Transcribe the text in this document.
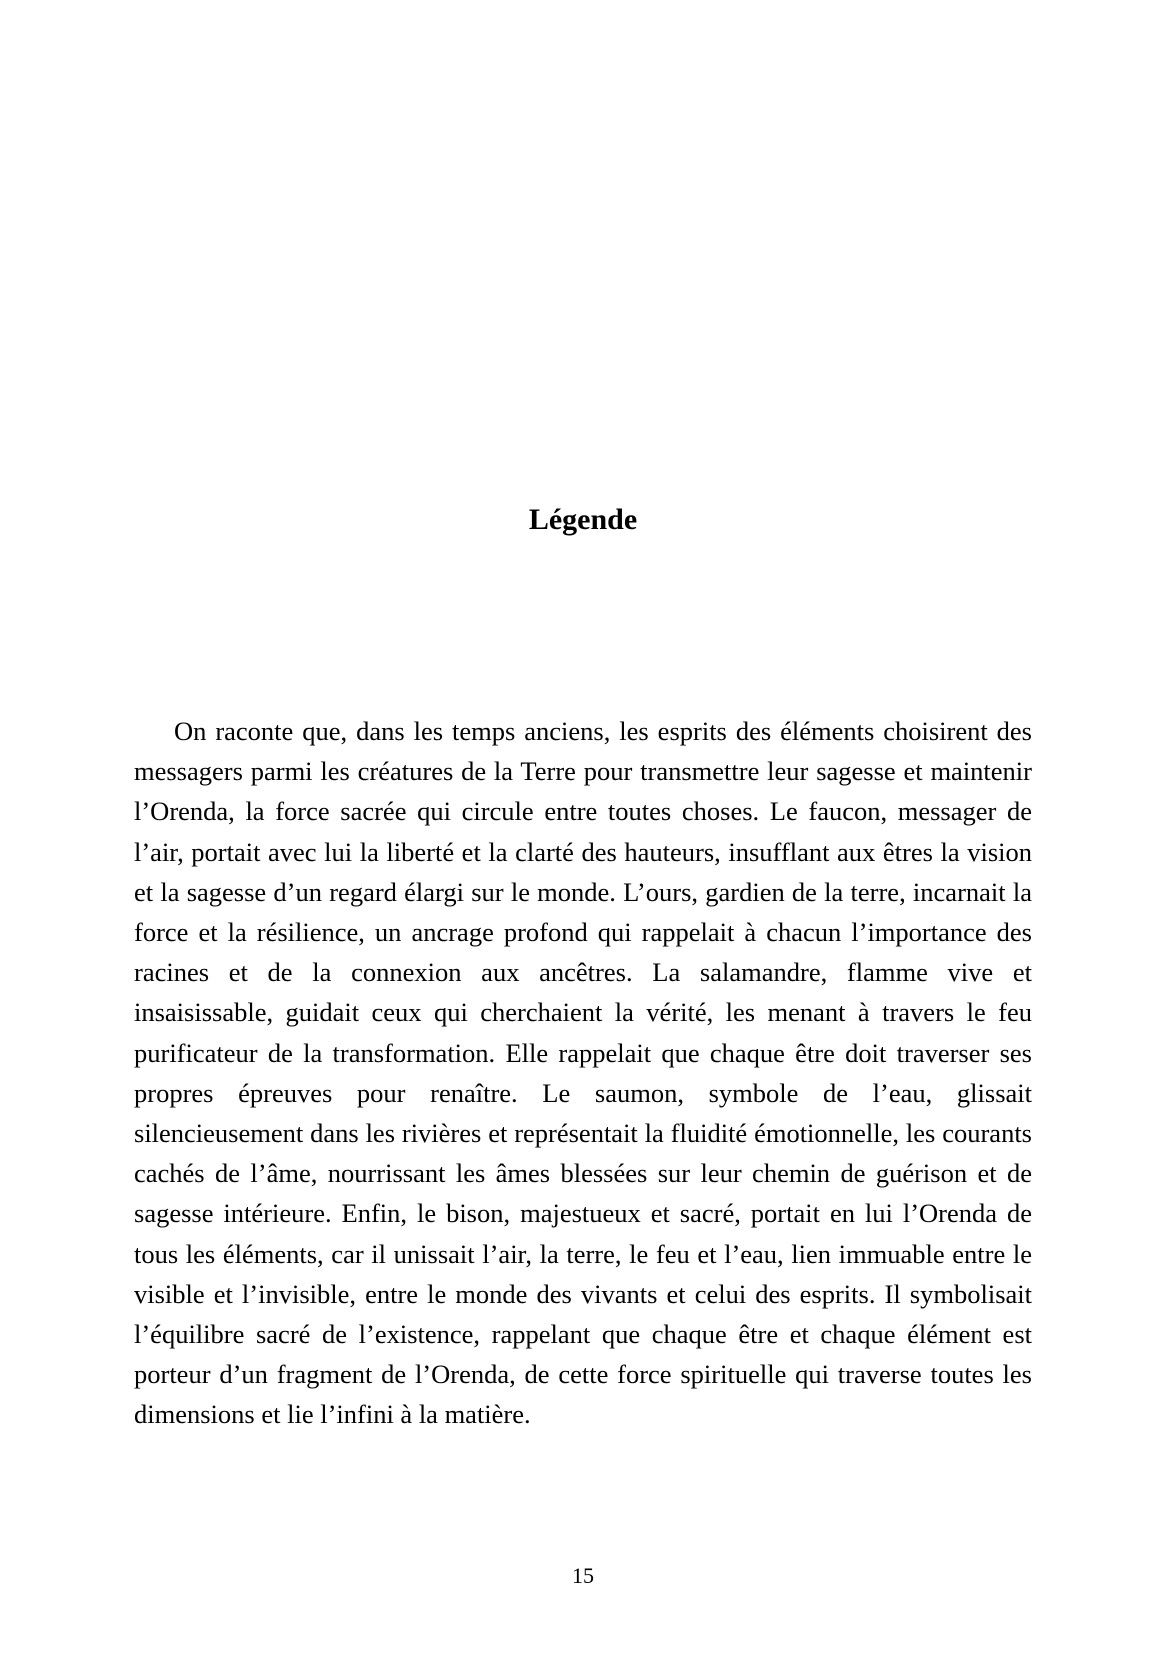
Légende

On raconte que, dans les temps anciens, les esprits des éléments choisirent des messagers parmi les créatures de la Terre pour transmettre leur sagesse et maintenir l’Orenda, la force sacrée qui circule entre toutes choses. Le faucon, messager de l’air, portait avec lui la liberté et la clarté des hauteurs, insufflant aux êtres la vision et la sagesse d’un regard élargi sur le monde. L’ours, gardien de la terre, incarnait la force et la résilience, un ancrage profond qui rappelait à chacun l’importance des racines et de la connexion aux ancêtres. La salamandre, flamme vive et insaisissable, guidait ceux qui cherchaient la vérité, les menant à travers le feu purificateur de la transformation. Elle rappelait que chaque être doit traverser ses propres épreuves pour renaître. Le saumon, symbole de l’eau, glissait silencieusement dans les rivières et représentait la fluidité émotionnelle, les courants cachés de l’âme, nourrissant les âmes blessées sur leur chemin de guérison et de sagesse intérieure. Enfin, le bison, majestueux et sacré, portait en lui l’Orenda de tous les éléments, car il unissait l’air, la terre, le feu et l’eau, lien immuable entre le visible et l’invisible, entre le monde des vivants et celui des esprits. Il symbolisait l’équilibre sacré de l’existence, rappelant que chaque être et chaque élément est porteur d’un fragment de l’Orenda, de cette force spirituelle qui traverse toutes les dimensions et lie l’infini à la matière.

15
